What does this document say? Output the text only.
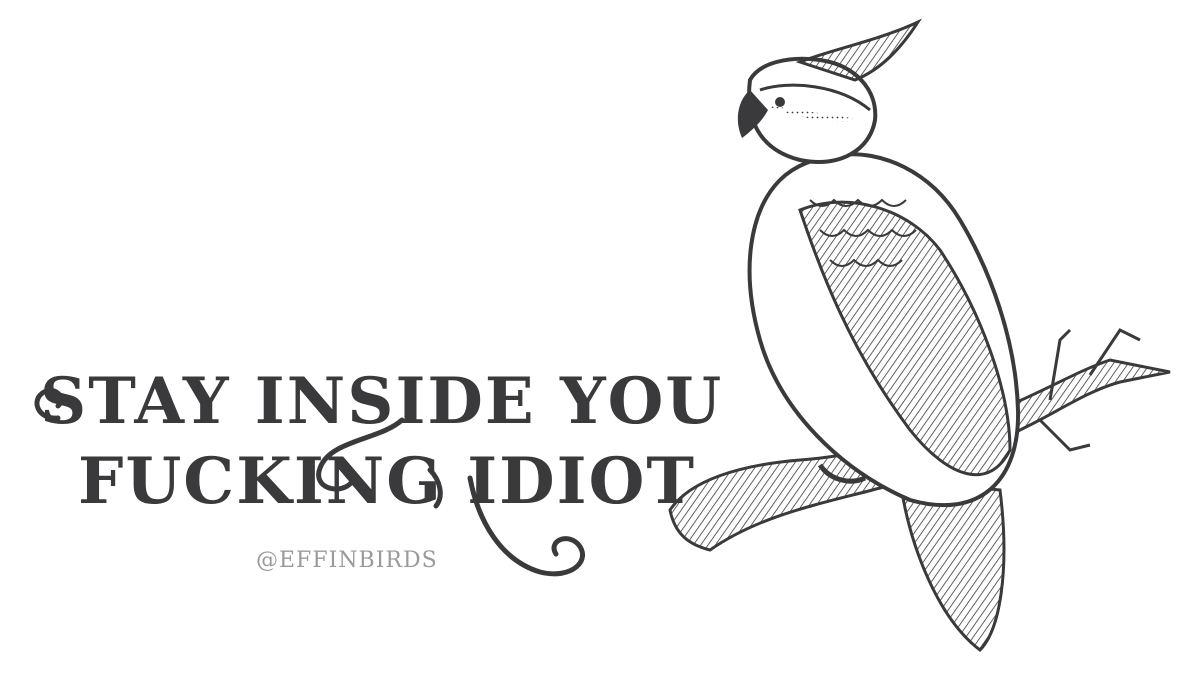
STAY INSIDE YOU
FUCKING IDIOT
@EFFINBIRDS
